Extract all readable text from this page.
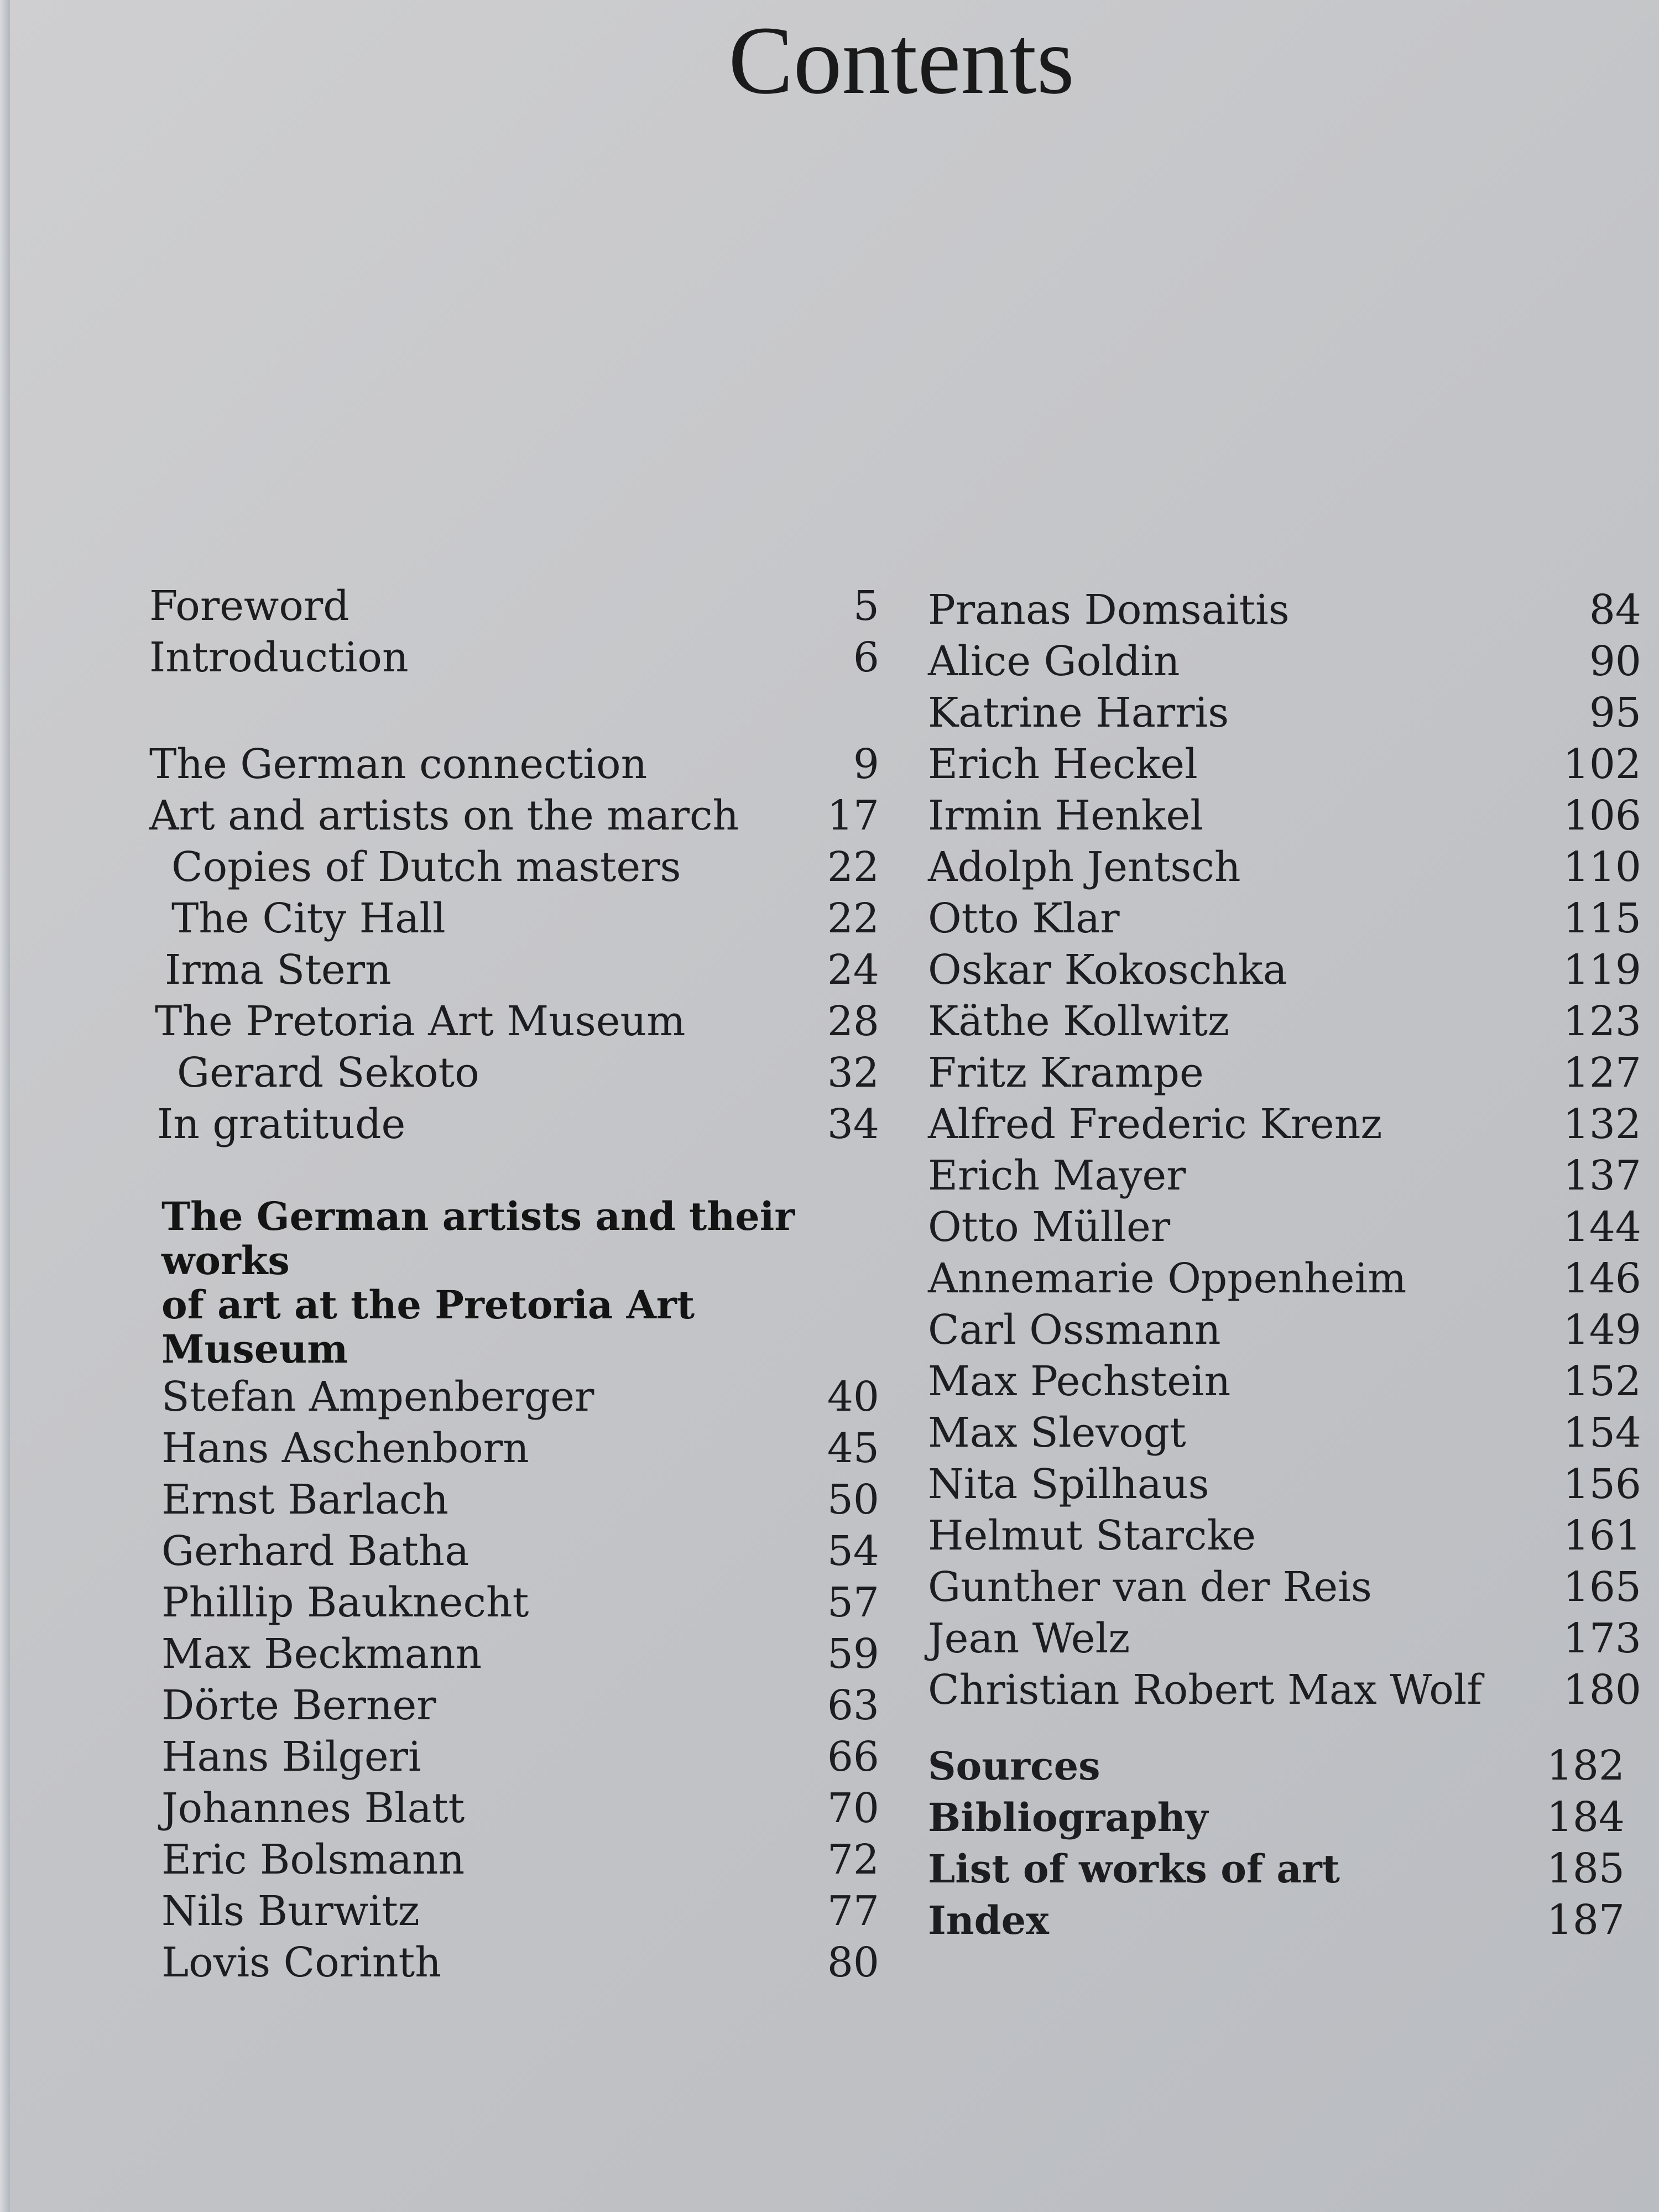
Contents
Foreword	5
Introduction	6
The German connection	9
Art and artists on the march 17
Copies of Dutch masters	22
The City Hall	22
Irma Stern	24
The Pretoria Art Museum	28
Gerard Sekoto	32
In gratitude	34
The German artists and their works
of art at the Pretoria Art Museum
Stefan Ampenberger	40
Hans Aschenborn	45
Ernst Barlach	50
Gerhard Batha	54
Phillip Bauknecht	57
Max Beckmann	59
Dörte Berner	63
Hans Bilgeri	66
Johannes Blatt	70
Eric Bolsmann	72
Nils Burwitz	77
Lovis Corinth	80
Pranas Domsaitis	84
Alice Goldin	90
Katrine Harris	95
Erich Heckel	102
Irmin Henkel	106
Adolph Jentsch	110
Otto Klar	115
Oskar Kokoschka	119
Käthe Kollwitz	123
Fritz Krampe	127
Alfred Frederic Krenz	132
Erich Mayer	137
Otto Müller	144
Annemarie Oppenheim	146
Carl Ossmann	149
Max Pechstein	152
Max Slevogt	154
Nita Spilhaus	156
Helmut Starcke	161
Gunther van der Reis	165
Jean Welz	173
Christian Robert Max Wolf 180
Sources	182
Bibliography	184
List of works of art	185
Index	187
